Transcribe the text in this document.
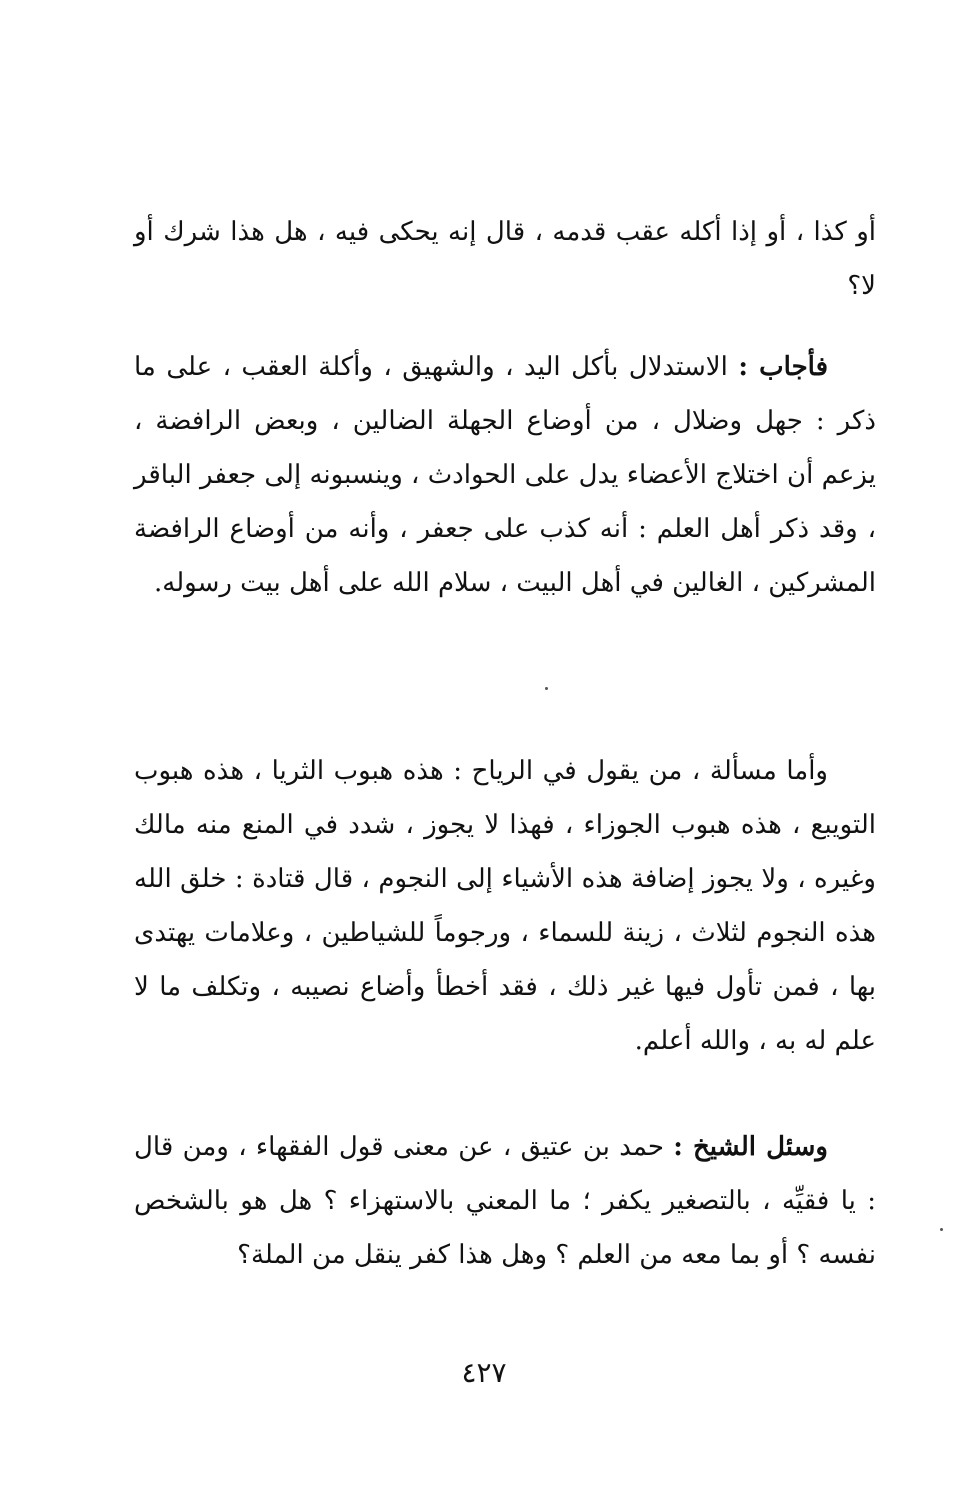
أو كذا ، أو إذا أكله عقب قدمه ، قال إنه يحكى فيه ، هل هذا شرك أو لا؟

فأجاب : الاستدلال بأكل اليد ، والشهيق ، وأكلة العقب ، على ما ذكر : جهل وضلال ، من أوضاع الجهلة الضالين ، وبعض الرافضة ، يزعم أن اختلاج الأعضاء يدل على الحوادث ، وينسبونه إلى جعفر الباقر ، وقد ذكر أهل العلم : أنه كذب على جعفر ، وأنه من أوضاع الرافضة المشركين ، الغالين في أهل البيت ، سلام الله على أهل بيت رسوله.

وأما مسألة ، من يقول في الرياح : هذه هبوب الثريا ، هذه هبوب التويبع ، هذه هبوب الجوزاء ، فهذا لا يجوز ، شدد في المنع منه مالك وغيره ، ولا يجوز إضافة هذه الأشياء إلى النجوم ، قال قتادة : خلق الله هذه النجوم لثلاث ، زينة للسماء ، ورجوماً للشياطين ، وعلامات يهتدى بها ، فمن تأول فيها غير ذلك ، فقد أخطأ وأضاع نصيبه ، وتكلف ما لا علم له به ، والله أعلم.

وسئل الشيخ : حمد بن عتيق ، عن معنى قول الفقهاء ، ومن قال : يا فقيِّه ، بالتصغير يكفر ؛ ما المعني بالاستهزاء ؟ هل هو بالشخص نفسه ؟ أو بما معه من العلم ؟ وهل هذا كفر ينقل من الملة؟

٤٢٧
